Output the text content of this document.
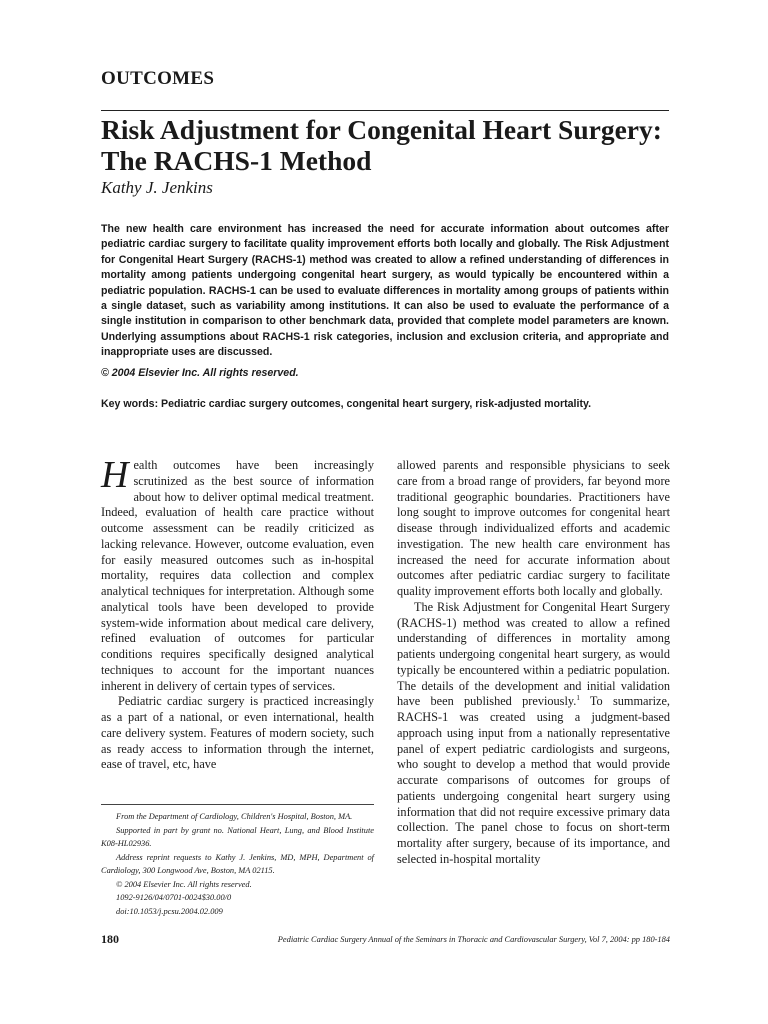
OUTCOMES
Risk Adjustment for Congenital Heart Surgery:
The RACHS-1 Method
Kathy J. Jenkins

The new health care environment has increased the need for accurate information about outcomes after pediatric cardiac surgery to facilitate quality improvement efforts both locally and globally. The Risk Adjustment for Congenital Heart Surgery (RACHS-1) method was created to allow a refined understanding of differences in mortality among patients undergoing congenital heart surgery, as would typically be encountered within a pediatric population. RACHS-1 can be used to evaluate differences in mortality among groups of patients within a single dataset, such as variability among institutions. It can also be used to evaluate the performance of a single institution in comparison to other benchmark data, provided that complete model parameters are known. Underlying assumptions about RACHS-1 risk categories, inclusion and exclusion criteria, and appropriate and inappropriate uses are discussed.

© 2004 Elsevier Inc. All rights reserved.
Key words: Pediatric cardiac surgery outcomes, congenital heart surgery, risk-adjusted mortality.

Health outcomes have been increasingly scrutinized as the best source of information about how to deliver optimal medical treatment. Indeed, evaluation of health care practice without outcome assessment can be readily criticized as lacking relevance. However, outcome evaluation, even for easily measured outcomes such as in-hospital mortality, requires data collection and complex analytical techniques for interpretation. Although some analytical tools have been developed to provide system-wide information about medical care delivery, refined evaluation of outcomes for particular conditions requires specifically designed analytical techniques to account for the important nuances inherent in delivery of certain types of services.

Pediatric cardiac surgery is practiced increasingly as a part of a national, or even international, health care delivery system. Features of modern society, such as ready access to information through the internet, ease of travel, etc, have

allowed parents and responsible physicians to seek care from a broad range of providers, far beyond more traditional geographic boundaries. Practitioners have long sought to improve outcomes for congenital heart disease through individualized efforts and academic investigation. The new health care environment has increased the need for accurate information about outcomes after pediatric cardiac surgery to facilitate quality improvement efforts both locally and globally.

The Risk Adjustment for Congenital Heart Surgery (RACHS-1) method was created to allow a refined understanding of differences in mortality among patients undergoing congenital heart surgery, as would typically be encountered within a pediatric population. The details of the development and initial validation have been published previously.$^1$ To summarize, RACHS-1 was created using a judgment-based approach using input from a nationally representative panel of expert pediatric cardiologists and surgeons, who sought to develop a method that would provide accurate comparisons of outcomes for groups of patients undergoing congenital heart surgery using information that did not require excessive primary data collection. The panel chose to focus on short-term mortality after surgery, because of its importance, and selected in-hospital mortality

From the Department of Cardiology, Children's Hospital, Boston, MA.

Supported in part by grant no. National Heart, Lung, and Blood Institute K08-HL02936.

Address reprint requests to Kathy J. Jenkins, MD, MPH, Department of Cardiology, 300 Longwood Ave, Boston, MA 02115.

© 2004 Elsevier Inc. All rights reserved.

1092-9126/04/0701-0024$30.00/0

doi:10.1053/j.pcsu.2004.02.009

180	Pediatric Cardiac Surgery Annual of the Seminars in Thoracic and Cardiovascular Surgery, Vol 7, 2004: pp 180-184
